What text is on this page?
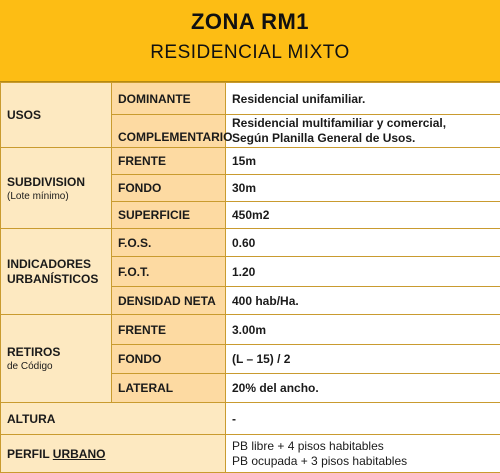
ZONA RM1
RESIDENCIAL MIXTO
USOS	DOMINANTE	Residencial unifamiliar.
	COMPLEMENTARIO	Residencial multifamiliar y comercial,
Según Planilla General de Usos.

SUBDIVISION
(Lote mínimo)	FRENTE	15m
	FONDO	30m
	SUPERFICIE	450m2

INDICADORES
URBANÍSTICOS	F.O.S.	0.60
	F.O.T.	1.20
	DENSIDAD NETA	400 hab/Ha.
RETIROS
de Código	FRENTE	3.00m
	FONDO	(L – 15) / 2
	LATERAL	20% del ancho.
ALTURA		-
PERFIL URBANO		PB libre + 4 pisos habitables
PB ocupada + 3 pisos habitables
